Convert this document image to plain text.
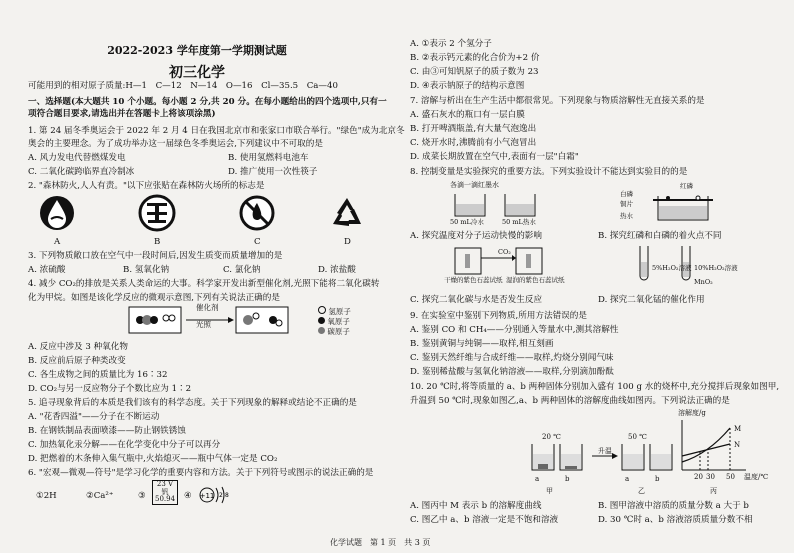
2022-2023 学年度第一学期测试题
初三化学
可能用到的相对原子质量:H—1　C—12　N—14　O—16　Cl—35.5　Ca—40
一、选择题(本大题共 10 个小题。每小题 2 分,共 20 分。在每小题给出的四个选项中,只有一项符合题目要求,请选出并在答题卡上将该项涂黑)
1. 第 24 届冬季奥运会于 2022 年 2 月 4 日在我国北京市和张家口市联合举行。"绿色"成为北京冬
奥会的主要理念。为了成功举办这一届绿色冬季奥运会,下列建议中不可取的是
A. 风力发电代替燃煤发电	B. 使用氢燃料电池车
C. 二氧化碳跨临界直冷制冰	D. 推广使用一次性筷子
2. "森林防火,人人有责。"以下应张贴在森林防火场所的标志是
A	B	C	D
3. 下列物质敞口放在空气中一段时间后,因发生质变而质量增加的是
A. 浓硫酸	B. 氢氧化钠	C. 氯化钠	D. 浓盐酸
4. 减少 CO₂的排放是关系人类命运的大事。科学家开发出新型催化剂,光照下能将二氧化碳转
化为甲烷。如图是该化学反应的微观示意图,下列有关说法正确的是
催化剂
光照
氢原子
氧原子
碳原子
A. 反应中涉及 3 种氧化物
B. 反应前后原子种类改变
C. 各生成物之间的质量比为 16∶32
D. CO₂与另一反应物分子个数比应为 1∶2
5. 追寻现象背后的本质是我们该有的科学态度。关于下列现象的解释或结论不正确的是
A. "花香四溢"——分子在不断运动
B. 在钢铁制品表面喷漆——防止钢铁锈蚀
C. 加热氧化汞分解——在化学变化中分子可以再分
D. 把燃着的木条伸入集气瓶中,火焰熄灭——瓶中气体一定是 CO₂
6. "宏观—微观—符号"是学习化学的重要内容和方法。关于下列符号或图示的说法正确的是
①2H	②Ca²⁺	③
23 V
钒
50.94 ④ +11 2 8
A. ①表示 2 个氢分子
B. ②表示钙元素的化合价为+2 价
C. 由③可知钒原子的质子数为 23
D. ④表示钠原子的结构示意图
7. 溶解与析出在生产生活中都很常见。下列现象与物质溶解性无直接关系的是
A. 盛石灰水的瓶口有一层白膜
B. 打开啤酒瓶盖,有大量气泡逸出
C. 烧开水时,沸腾前有小气泡冒出
D. 成菜长期放置在空气中,表面有一层"白霜"
8. 控制变量是实验探究的重要方法。下列实验设计不能达到实验目的的是
各滴一滴红墨水
50 mL冷水	50 mL热水
红磷
白磷
铜片
热水
A. 探究温度对分子运动快慢的影响	B. 探究红磷和白磷的着火点不同
CO₂
干燥的紫色石蕊试纸 湿润的紫色石蕊试纸
5%H₂O₂溶液 10%H₂O₂溶液
MnO₂
C. 探究二氧化碳与水是否发生反应	D. 探究二氧化锰的催化作用
9. 在实验室中鉴别下列物质,所用方法错误的是
A. 鉴别 CO 和 CH₄——分别通入等量水中,测其溶解性
B. 鉴别黄铜与纯铜——取样,相互刻画
C. 鉴别天然纤维与合成纤维——取样,灼烧分别闻气味
D. 鉴别稀盐酸与氢氧化钠溶液——取样,分别滴加酚酞
10. 20 ℃时,将等质量的 a、b 两种固体分别加入盛有 100 g 水的烧杯中,充分搅拌后现象如图甲,
升温到 50 ℃时,现象如图乙,a、b 两种固体的溶解度曲线如图丙。下列说法正确的是
20 ℃	50 ℃
升温
a	b	a	b
甲	乙
溶解度/g
M
N
20 30 50 温度/℃
丙
A. 图丙中 M 表示 b 的溶解度曲线	B. 图甲溶液中溶质的质量分数 a 大于 b
C. 图乙中 a、b 溶液一定是不饱和溶液	D. 30 ℃时 a、b 溶液溶质质量分数不相
化学试题　第 1 页　共 3 页
